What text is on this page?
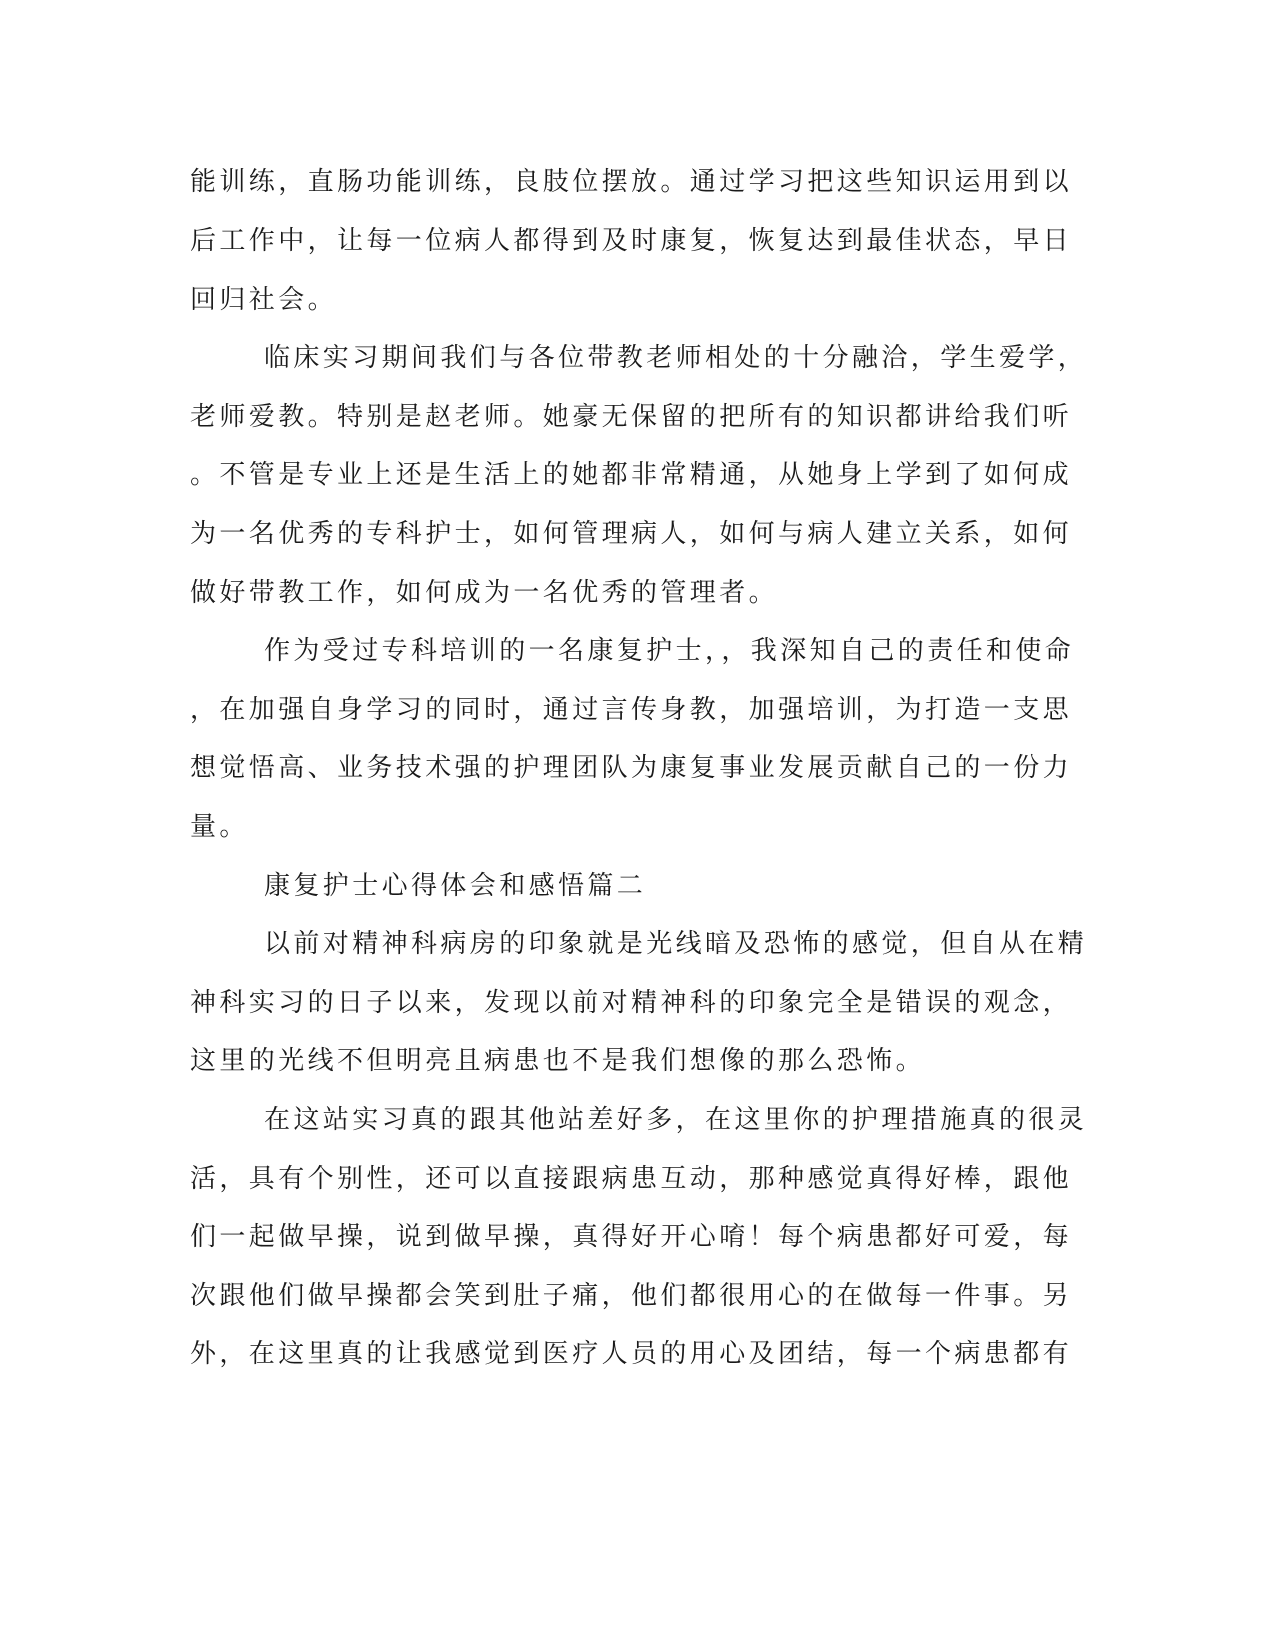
能训练，直肠功能训练，良肢位摆放。通过学习把这些知识运用到以
后工作中，让每一位病人都得到及时康复，恢复达到最佳状态，早日
回归社会。
临床实习期间我们与各位带教老师相处的十分融洽，学生爱学，
老师爱教。特别是赵老师。她豪无保留的把所有的知识都讲给我们听
。不管是专业上还是生活上的她都非常精通，从她身上学到了如何成
为一名优秀的专科护士，如何管理病人，如何与病人建立关系，如何
做好带教工作，如何成为一名优秀的管理者。
作为受过专科培训的一名康复护士，，我深知自己的责任和使命
，在加强自身学习的同时，通过言传身教，加强培训，为打造一支思
想觉悟高、业务技术强的护理团队为康复事业发展贡献自己的一份力
量。
康复护士心得体会和感悟篇二
以前对精神科病房的印象就是光线暗及恐怖的感觉，但自从在精
神科实习的日子以来，发现以前对精神科的印象完全是错误的观念，
这里的光线不但明亮且病患也不是我们想像的那么恐怖。
在这站实习真的跟其他站差好多，在这里你的护理措施真的很灵
活，具有个别性，还可以直接跟病患互动，那种感觉真得好棒，跟他
们一起做早操，说到做早操，真得好开心唷！每个病患都好可爱，每
次跟他们做早操都会笑到肚子痛，他们都很用心的在做每一件事。另
外，在这里真的让我感觉到医疗人员的用心及团结，每一个病患都有
